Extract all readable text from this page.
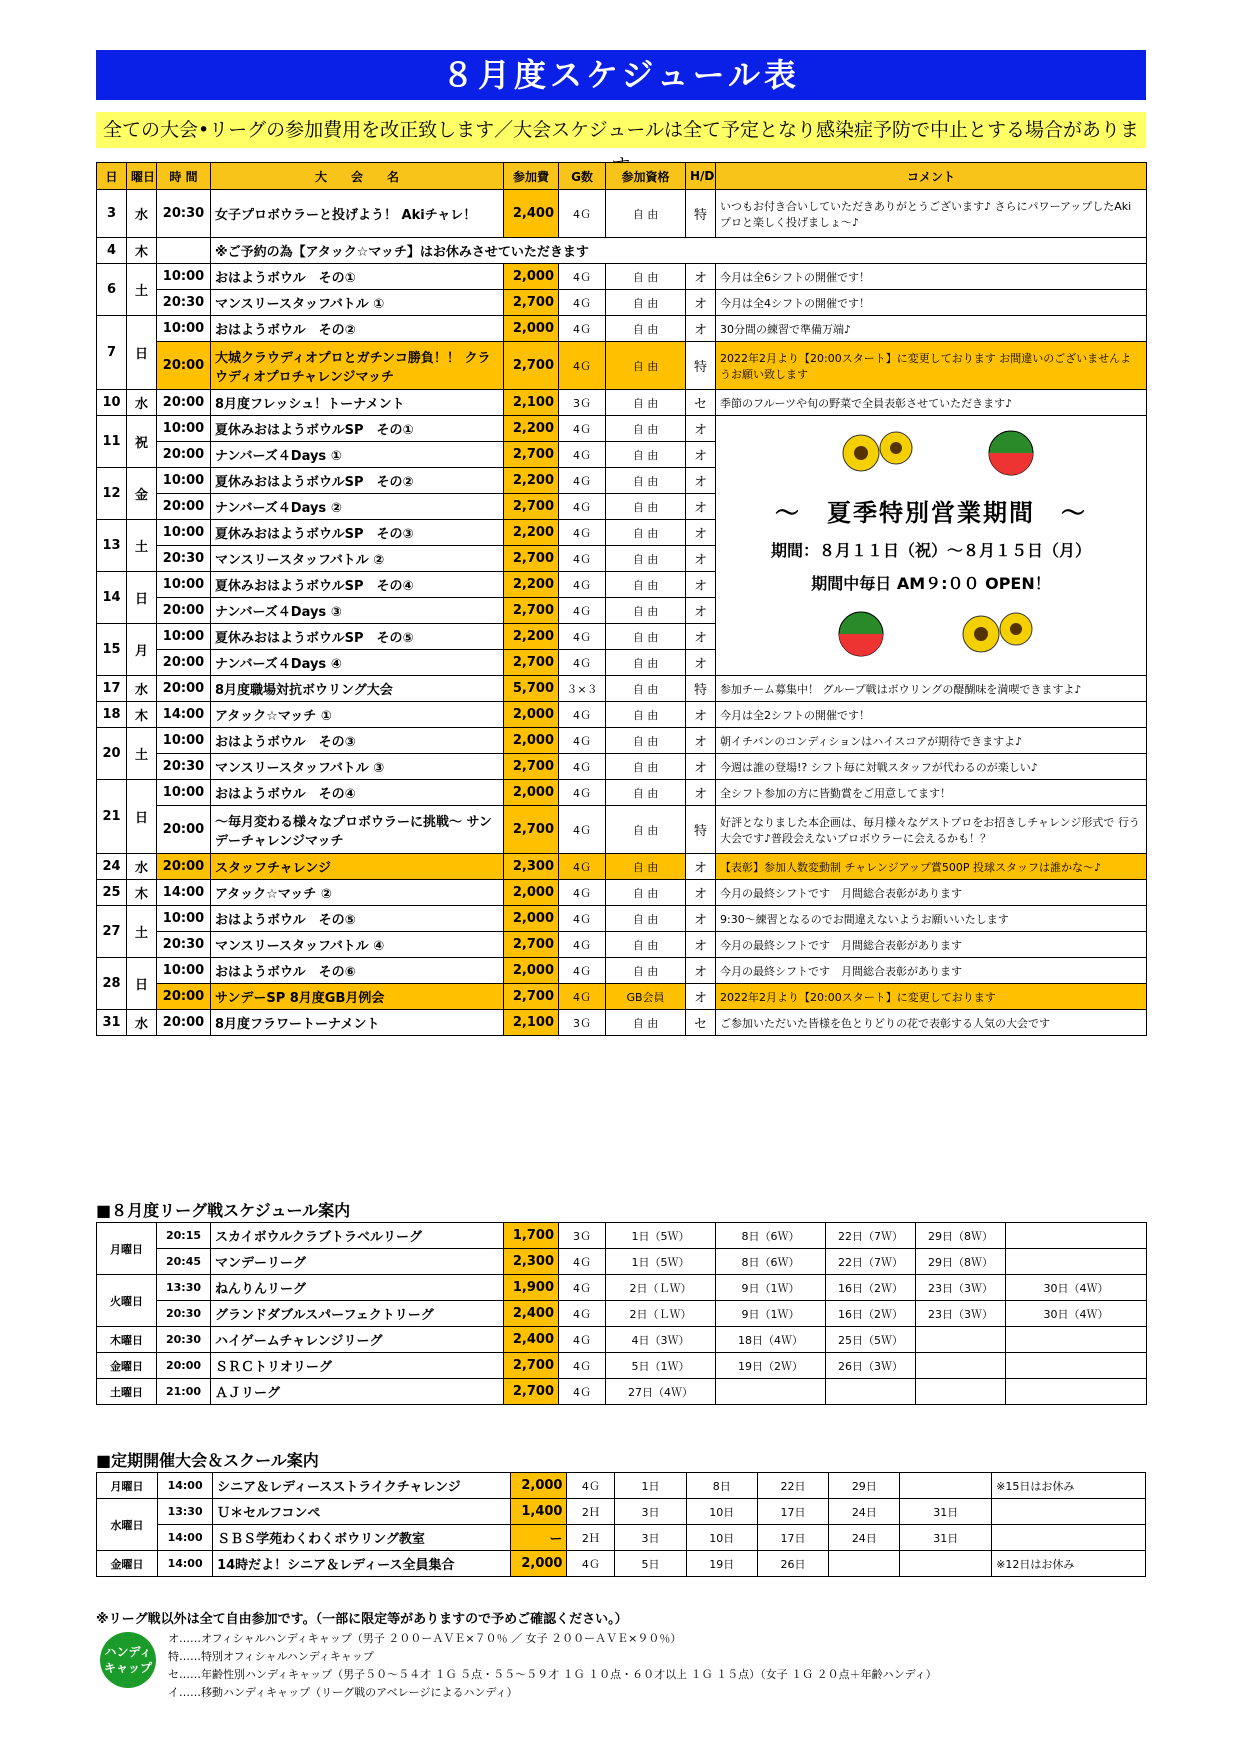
８月度スケジュール表
全ての大会•リーグの参加費用を改正致します／大会スケジュールは全て予定となり感染症予防で中止とする場合がありま
日	曜日	時 間	大　　会　　名	参加費	G数	参加資格	H/D	コメント
3	水	20:30	女子プロボウラーと投げよう！ Akiチャレ！	2,400	4Ｇ	自 由	特	いつもお付き合いしていただきありがとうございます♪ さらにパワーアップしたAkiプロと楽しく投げましょ～♪
4	木		※ご予約の為【アタック☆マッチ】はお休みさせていただきます					
6	土	10:00	おはようボウル　その①	2,000	4Ｇ	自 由	オ	今月は全6シフトの開催です！
		20:30	マンスリースタッフバトル ①	2,700	4Ｇ	自 由	オ	今月は全4シフトの開催です！
7	日	10:00	おはようボウル　その②	2,000	4Ｇ	自 由	オ	30分間の練習で準備万端♪
		20:00	大城クラウディオプロとガチンコ勝負！！ クラウディオプロチャレンジマッチ	2,700	4Ｇ	自 由	特	2022年2月より【20:00スタート】に変更しております お間違いのございませんようお願い致します
10	水	20:00	8月度フレッシュ！トーナメント	2,100	3Ｇ	自 由	セ	季節のフルーツや旬の野菜で全員表彰させていただきます♪
11	祝	10:00	夏休みおはようボウルSP　その①	2,200	4Ｇ	自 由	オ	～　夏季特別営業期間　～
期間：８月１１日（祝）～８月１５日（月）
期間中毎日 AM９:００ OPEN！

		20:00	ナンバーズ４Days ①	2,700	4Ｇ	自 由	オ	
12	金	10:00	夏休みおはようボウルSP　その②	2,200	4Ｇ	自 由	オ	
		20:00	ナンバーズ４Days ②	2,700	4Ｇ	自 由	オ	
13	土	10:00	夏休みおはようボウルSP　その③	2,200	4Ｇ	自 由	オ	
		20:30	マンスリースタッフバトル ②	2,700	4Ｇ	自 由	オ	
14	日	10:00	夏休みおはようボウルSP　その④	2,200	4Ｇ	自 由	オ	
		20:00	ナンバーズ４Days ③	2,700	4Ｇ	自 由	オ	
15	月	10:00	夏休みおはようボウルSP　その⑤	2,200	4Ｇ	自 由	オ	
		20:00	ナンバーズ４Days ④	2,700	4Ｇ	自 由	オ	
17	水	20:00	8月度職場対抗ボウリング大会	5,700	３×３	自 由	特	参加チーム募集中！ グループ戦はボウリングの醍醐味を満喫できますよ♪
18	木	14:00	アタック☆マッチ ①	2,000	4Ｇ	自 由	オ	今月は全2シフトの開催です！
20	土	10:00	おはようボウル　その③	2,000	4Ｇ	自 由	オ	朝イチバンのコンディションはハイスコアが期待できますよ♪
		20:30	マンスリースタッフバトル ③	2,700	4Ｇ	自 由	オ	今週は誰の登場!? シフト毎に対戦スタッフが代わるのが楽しい♪
21	日	10:00	おはようボウル　その④	2,000	4Ｇ	自 由	オ	全シフト参加の方に皆勤賞をご用意してます！
		20:00	～毎月変わる様々なプロボウラーに挑戦～ サンデーチャレンジマッチ	2,700	4Ｇ	自 由	特	好評となりました本企画は、毎月様々なゲストプロをお招きしチャレンジ形式で 行う大会です♪普段会えないプロボウラーに会えるかも！？
24	水	20:00	スタッフチャレンジ	2,300	4Ｇ	自 由	オ	【表彰】参加人数変動制 チャレンジアップ賞500P 投球スタッフは誰かな～♪
25	木	14:00	アタック☆マッチ ②	2,000	4Ｇ	自 由	オ	今月の最終シフトです　月間総合表彰があります
27	土	10:00	おはようボウル　その⑤	2,000	4Ｇ	自 由	オ	9:30～練習となるのでお間違えないようお願いいたします
		20:30	マンスリースタッフバトル ④	2,700	4Ｇ	自 由	オ	今月の最終シフトです　月間総合表彰があります
28	日	10:00	おはようボウル　その⑥	2,000	4Ｇ	自 由	オ	今月の最終シフトです　月間総合表彰があります
		20:00	サンデーSP 8月度GB月例会	2,700	4Ｇ	GB会員	オ	2022年2月より【20:00スタート】に変更しております
31	水	20:00	8月度フラワートーナメント	2,100	3Ｇ	自 由	セ	ご参加いただいた皆様を色とりどりの花で表彰する人気の大会です
■８月度リーグ戦スケジュール案内
月曜日	20:15	スカイボウルクラブトラベルリーグ	1,700	3Ｇ	1日（5Ｗ）	8日（6Ｗ）	22日（7Ｗ）	29日（8Ｗ）		
	20:45	マンデーリーグ	2,300	4Ｇ	1日（5Ｗ）	8日（6Ｗ）	22日（7Ｗ）	29日（8Ｗ）		
火曜日	13:30	ねんりんリーグ	1,900	4Ｇ	2日（ＬＷ）	9日（1Ｗ）	16日（2Ｗ）	23日（3Ｗ）	30日（4Ｗ）	
	20:30	グランドダブルスパーフェクトリーグ	2,400	4Ｇ	2日（ＬＷ）	9日（1Ｗ）	16日（2Ｗ）	23日（3Ｗ）	30日（4Ｗ）	
木曜日	20:30	ハイゲームチャレンジリーグ	2,400	4Ｇ	4日（3Ｗ）	18日（4Ｗ）	25日（5Ｗ）			
金曜日	20:00	ＳＲＣトリオリーグ	2,700	4Ｇ	5日（1Ｗ）	19日（2Ｗ）	26日（3Ｗ）			
土曜日	21:00	ＡＪリーグ	2,700	4Ｇ	27日（4Ｗ）					
■定期開催大会＆スクール案内
月曜日	14:00	シニア＆レディースストライクチャレンジ	2,000	4Ｇ	1日	8日	22日	29日		※15日はお休み
水曜日	13:30	Ｕ＊セルフコンペ	1,400	2Ｈ	3日	10日	17日	24日	31日	
	14:00	ＳＢＳ学苑わくわくボウリング教室	ー	2Ｈ	3日	10日	17日	24日	31日	
金曜日	14:00	14時だよ！シニア＆レディース全員集合	2,000	4Ｇ	5日	19日	26日			※12日はお休み
※リーグ戦以外は全て自由参加です。（一部に限定等がありますので予めご確認ください。）
ハンディ キャップ
オ……オフィシャルハンディキャップ（男子 ２００ーＡＶＥ×７０％ ／ 女子 ２００ーＡＶＥ×９０％）
特……特別オフィシャルハンディキャップ
セ……年齢性別ハンディキャップ（男子５０～５４才 １Ｇ ５点・５５～５９才 １Ｇ １０点・６０才以上 １Ｇ １５点）（女子 １Ｇ ２０点＋年齢ハンディ）
イ……移動ハンディキャップ（リーグ戦のアベレージによるハンディ）
